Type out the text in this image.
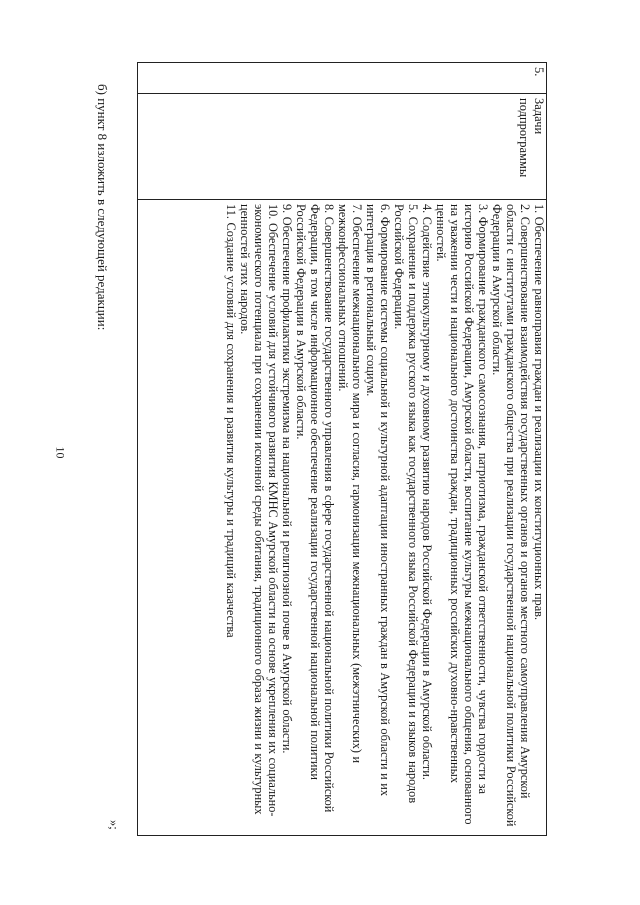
10
5.	Задачи подпрограммы	

1. Обеспечение равноправия граждан и реализации их конституционных прав.

2. Совершенствование взаимодействия государственных органов и органов местного самоуправления Амурской области с институтами гражданского общества при реализации государственной национальной политики Российской Федерации в Амурской области.

3. Формирование гражданского самосознания, патриотизма, гражданской ответственности, чувства гордости за историю Российской Федерации, Амурской области, воспитание культуры межнационального общения, основанного на уважении чести и национального достоинства граждан, традиционных российских духовно-нравственных ценностей.

4. Содействие этнокультурному и духовному развитию народов Российской Федерации в Амурской области.

5. Сохранение и поддержка русского языка как государственного языка Российской Федерации и языков народов Российской Федерации.

6. Формирование системы социальной и культурной адаптации иностранных граждан в Амурской области и их интеграция в региональный социум.

7. Обеспечение межнационального мира и согласия, гармонизации межнациональных (межэтнических) и межконфессиональных отношений.

8. Совершенствование государственного управления в сфере государственной национальной политики Российской Федерации, в том числе информационное обеспечение реализации государственной национальной политики Российской Федерации в Амурской области.

9. Обеспечение профилактики экстремизма на национальной и религиозной почве в Амурской области.

10. Обеспечение условий для устойчивого развития КМНС Амурской области на основе укрепления их социально-экономического потенциала при сохранении исконной среды обитания, традиционного образа жизни и культурных ценностей этих народов.

11. Создание условий для сохранения и развития культуры и традиций казачества

»;
б) пункт 8 изложить в следующей редакции:
